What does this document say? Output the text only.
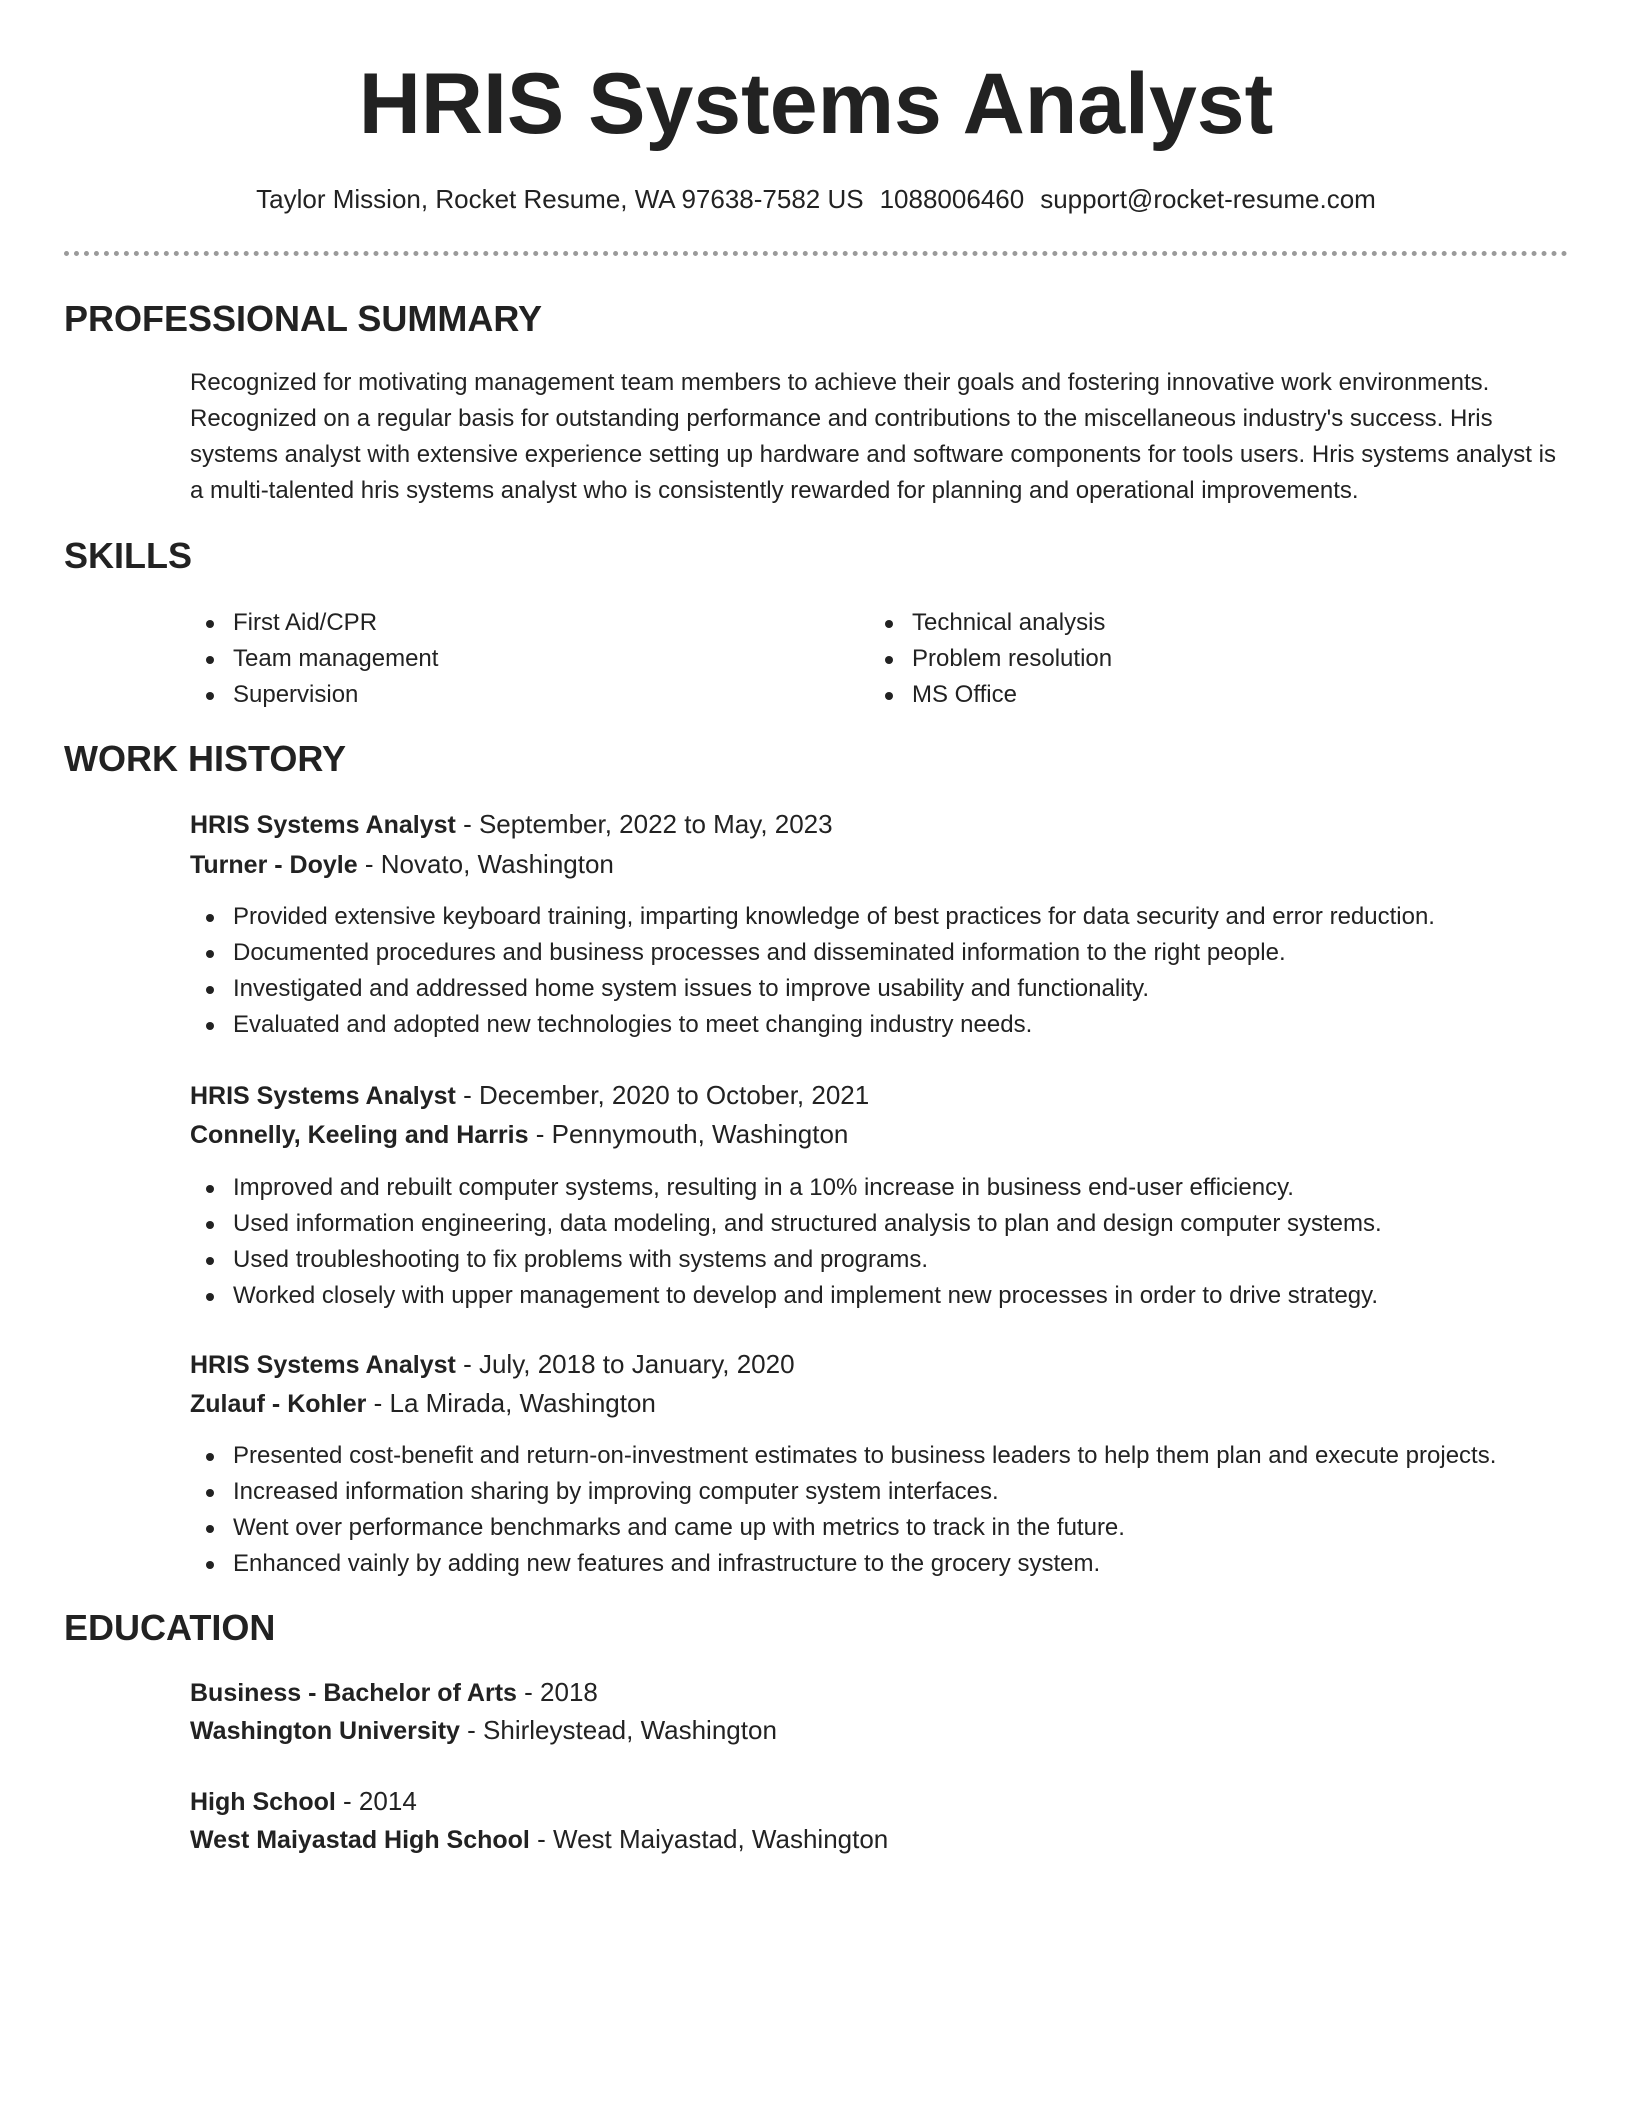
HRIS Systems Analyst
Taylor Mission, Rocket Resume, WA 97638-7582 US 1088006460 support@rocket-resume.com
PROFESSIONAL SUMMARY

Recognized for motivating management team members to achieve their goals and fostering innovative work environments. Recognized on a regular basis for outstanding performance and contributions to the miscellaneous industry's success. Hris systems analyst with extensive experience setting up hardware and software components for tools users. Hris systems analyst is a multi-talented hris systems analyst who is consistently rewarded for planning and operational improvements.

SKILLS
First Aid/CPR
Team management
Supervision
Technical analysis
Problem resolution
MS Office
WORK HISTORY
HRIS Systems Analyst - September, 2022 to May, 2023
Turner - Doyle - Novato, Washington
Provided extensive keyboard training, imparting knowledge of best practices for data security and error reduction.
Documented procedures and business processes and disseminated information to the right people.
Investigated and addressed home system issues to improve usability and functionality.
Evaluated and adopted new technologies to meet changing industry needs.
HRIS Systems Analyst - December, 2020 to October, 2021
Connelly, Keeling and Harris - Pennymouth, Washington
Improved and rebuilt computer systems, resulting in a 10% increase in business end-user efficiency.
Used information engineering, data modeling, and structured analysis to plan and design computer systems.
Used troubleshooting to fix problems with systems and programs.
Worked closely with upper management to develop and implement new processes in order to drive strategy.
HRIS Systems Analyst - July, 2018 to January, 2020
Zulauf - Kohler - La Mirada, Washington
Presented cost-benefit and return-on-investment estimates to business leaders to help them plan and execute projects.
Increased information sharing by improving computer system interfaces.
Went over performance benchmarks and came up with metrics to track in the future.
Enhanced vainly by adding new features and infrastructure to the grocery system.
EDUCATION
Business - Bachelor of Arts - 2018
Washington University - Shirleystead, Washington
High School - 2014
West Maiyastad High School - West Maiyastad, Washington
